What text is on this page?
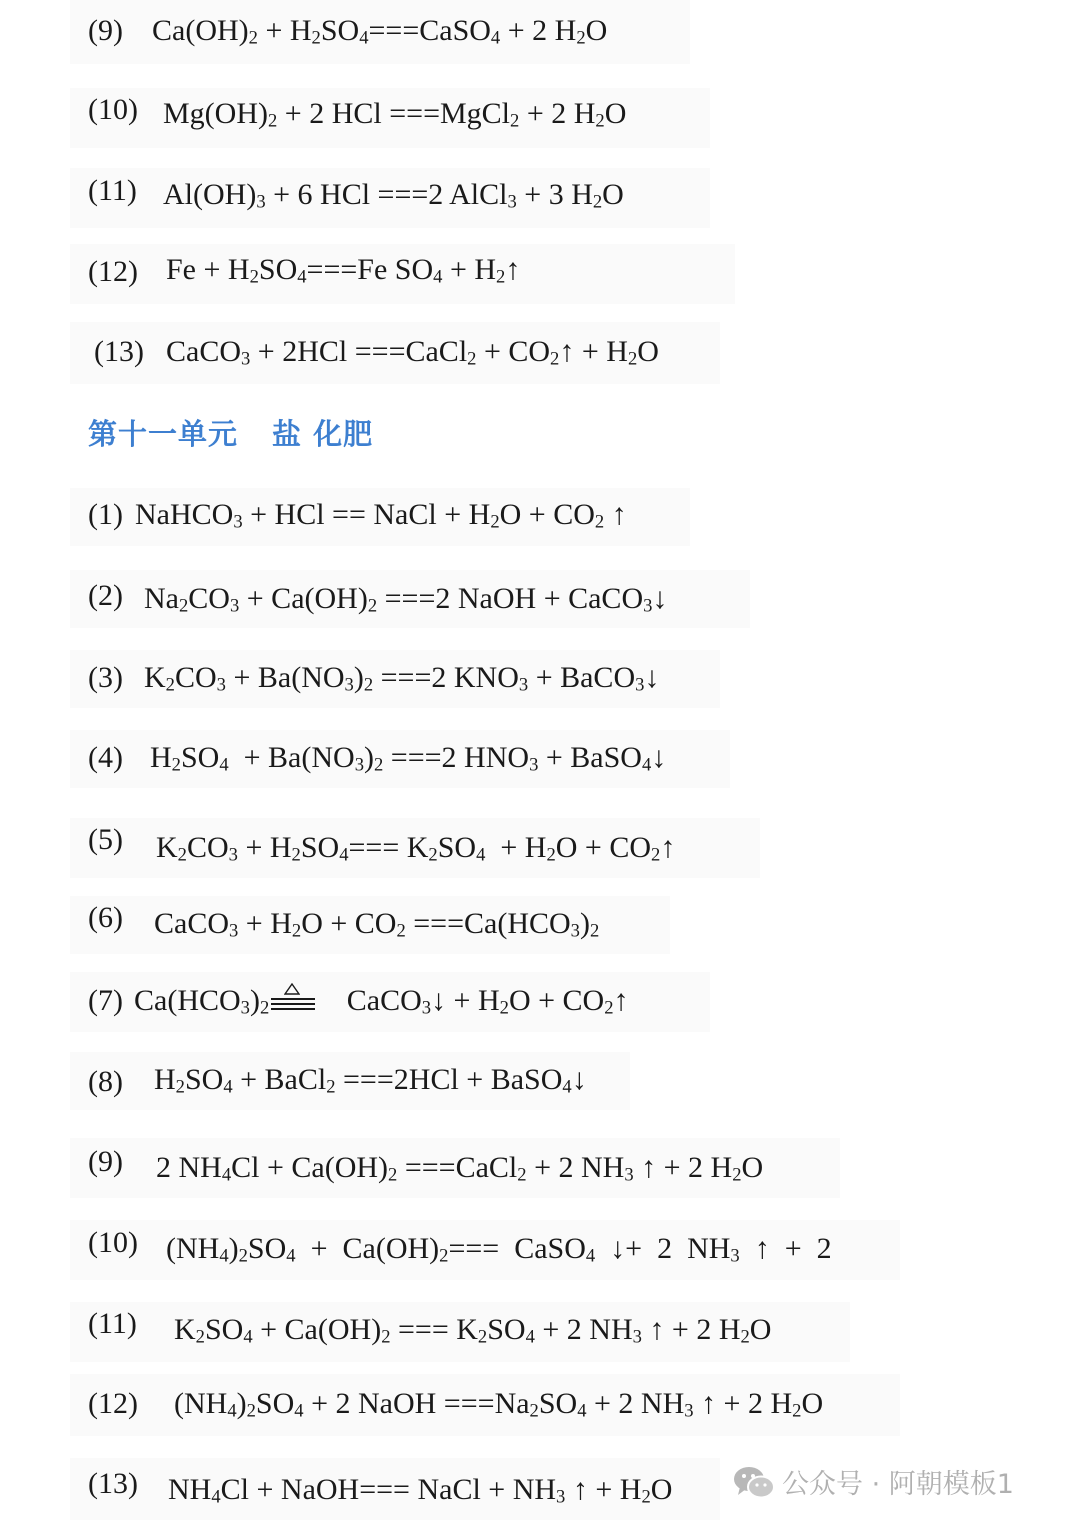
(9) $Ca(OH)_2$ + $H_2SO_4===CaSO_4 + 2$ $H_2O$
(10) $Mg(OH)_2 + 2$ HCl ===MgCl$_2$ + 2 $H_2O$
(11) $Al(OH)_3 + 6$ HCl ===2 AlCl$_3$ + 3 $H_2O$
(12) $Fe + H_2SO_4===Fe$ $SO_4$ + $H_2↑$
(13) CaCO$_3$ + 2HCl ===CaCl$_2$ + $CO_2↑ + H_2O$
第十一单元 盐 化肥
(1) NaHCO$_3$ + HCl == NaCl + $H_2O + CO_2$ ↑
(2) $Na_2CO_3 + Ca(OH)_2 ===2$ NaOH + CaCO$_3$↓
(3) $K_2CO_3 + Ba(NO_3)_2 ===2$ $KNO_3$ + BaCO$_3$↓
(4) $H_2SO_4 + Ba(NO_3)_2 ===2$ $HNO_3$ + BaSO$_4$↓
(5) $K_2CO_3 + H_2SO_4=== K_2SO_4 + H_2O$ + $CO_2↑$
(6) CaCO$_3$ + $H_2O + CO_2 ===Ca(HCO_3)_2$
(7) $Ca(HCO_3)_2$	CaCO$_3$↓ + $H_2O$ + $CO_2↑$
(8) $H_2SO_4$ + BaCl$_2$ ===2HCl + BaSO$_4$↓
(9) 2 $NH_4Cl + Ca(OH)_2$ ===CaCl$_2$ + 2 $NH_3$ ↑ + 2 $H_2O$
(10) $(NH_4)_2SO_4 + Ca(OH)_2===$  CaSO$_4$  ↓+  2  $NH_3$  ↑  +  2
(11) $K_2SO_4 + Ca(OH)_2$ === $K_2SO_4 + 2$ $NH_3$ ↑ + 2 $H_2O$
(12) $(NH_4)_2SO_4 + 2$ NaOH $===Na_2SO_4 + 2$ $NH_3$ ↑ + 2 $H_2O$
(13) $NH_4Cl$ + NaOH=== NaCl + $NH_3$ ↑ + $H_2O$	公众号 · 阿朝模板1
